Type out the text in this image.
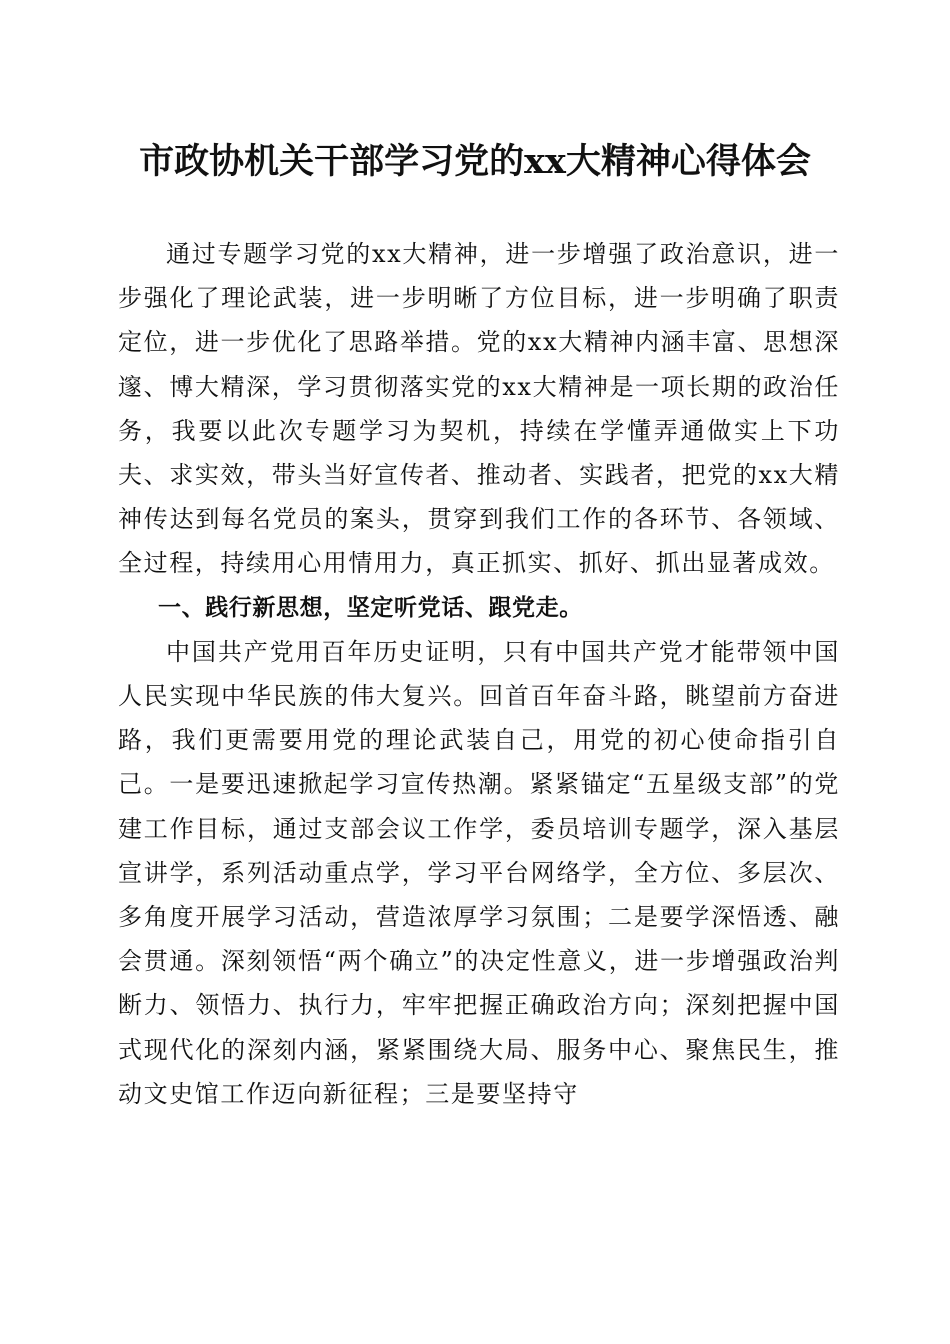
市政协机关干部学习党的xx大精神心得体会

通过专题学习党的xx大精神，进一步增强了政治意识，进一步强化了理论武装，进一步明晰了方位目标，进一步明确了职责定位，进一步优化了思路举措。党的xx大精神内涵丰富、思想深邃、博大精深，学习贯彻落实党的xx大精神是一项长期的政治任务，我要以此次专题学习为契机，持续在学懂弄通做实上下功夫、求实效，带头当好宣传者、推动者、实践者，把党的xx大精神传达到每名党员的案头，贯穿到我们工作的各环节、各领域、全过程，持续用心用情用力，真正抓实、抓好、抓出显著成效。

一、践行新思想，坚定听党话、跟党走。

中国共产党用百年历史证明，只有中国共产党才能带领中国人民实现中华民族的伟大复兴。回首百年奋斗路，眺望前方奋进路，我们更需要用党的理论武装自己，用党的初心使命指引自己。一是要迅速掀起学习宣传热潮。紧紧锚定“五星级支部”的党建工作目标，通过支部会议工作学，委员培训专题学，深入基层宣讲学，系列活动重点学，学习平台网络学，全方位、多层次、多角度开展学习活动，营造浓厚学习氛围；二是要学深悟透、融会贯通。深刻领悟“两个确立”的决定性意义，进一步增强政治判断力、领悟力、执行力，牢牢把握正确政治方向；深刻把握中国式现代化的深刻内涵，紧紧围绕大局、服务中心、聚焦民生，推动文史馆工作迈向新征程；三是要坚持守
